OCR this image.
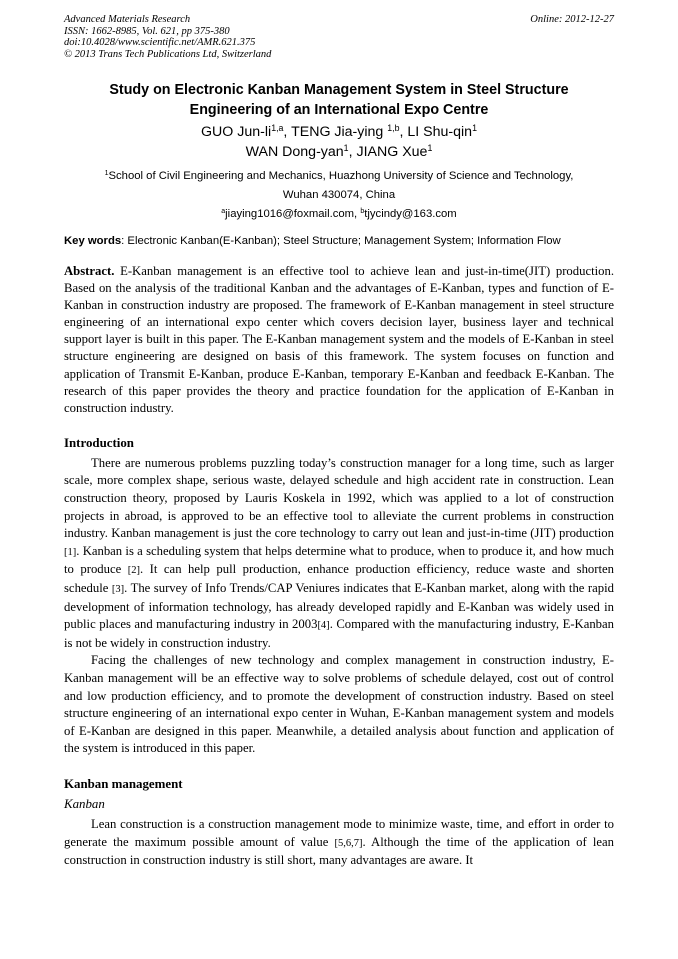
Advanced Materials Research
ISSN: 1662-8985, Vol. 621, pp 375-380
doi:10.4028/www.scientific.net/AMR.621.375
© 2013 Trans Tech Publications Ltd, Switzerland
Online: 2012-12-27
Study on Electronic Kanban Management System in Steel Structure
Engineering of an International Expo Centre
GUO Jun-li$^{1,a}$, TENG Jia-ying $^{1,b}$, LI Shu-qin$^1$
WAN Dong-yan$^1$, JIANG Xue$^1$
$^1$School of Civil Engineering and Mechanics, Huazhong University of Science and Technology,
Wuhan 430074, China
$^a$jiaying1016@foxmail.com, $^b$tjycindy@163.com
Key words: Electronic Kanban(E-Kanban); Steel Structure; Management System; Information Flow
Abstract. E-Kanban management is an effective tool to achieve lean and just-in-time(JIT) production. Based on the analysis of the traditional Kanban and the advantages of E-Kanban, types and function of E-Kanban in construction industry are proposed. The framework of E-Kanban management in steel structure engineering of an international expo center which covers decision layer, business layer and technical support layer is built in this paper. The E-Kanban management system and the models of E-Kanban in steel structure engineering are designed on basis of this framework. The system focuses on function and application of Transmit E-Kanban, produce E-Kanban, temporary E-Kanban and feedback E-Kanban. The research of this paper provides the theory and practice foundation for the application of E-Kanban in construction industry.
Introduction

There are numerous problems puzzling today’s construction manager for a long time, such as larger scale, more complex shape, serious waste, delayed schedule and high accident rate in construction. Lean construction theory, proposed by Lauris Koskela in 1992, which was applied to a lot of construction projects in abroad, is approved to be an effective tool to alleviate the current problems in construction industry. Kanban management is just the core technology to carry out lean and just-in-time (JIT) production [1]. Kanban is a scheduling system that helps determine what to produce, when to produce it, and how much to produce [2]. It can help pull production, enhance production efficiency, reduce waste and shorten schedule [3]. The survey of Info Trends/CAP Veniures indicates that E-Kanban market, along with the rapid development of information technology, has already developed rapidly and E-Kanban was widely used in public places and manufacturing industry in 2003[4]. Compared with the manufacturing industry, E-Kanban is not be widely in construction industry.

Facing the challenges of new technology and complex management in construction industry, E-Kanban management will be an effective way to solve problems of schedule delayed, cost out of control and low production efficiency, and to promote the development of construction industry. Based on steel structure engineering of an international expo center in Wuhan, E-Kanban management system and models of E-Kanban are designed in this paper. Meanwhile, a detailed analysis about function and application of the system is introduced in this paper.

Kanban management
Kanban

Lean construction is a construction management mode to minimize waste, time, and effort in order to generate the maximum possible amount of value [5,6,7]. Although the time of the application of lean construction in construction industry is still short, many advantages are aware. It
